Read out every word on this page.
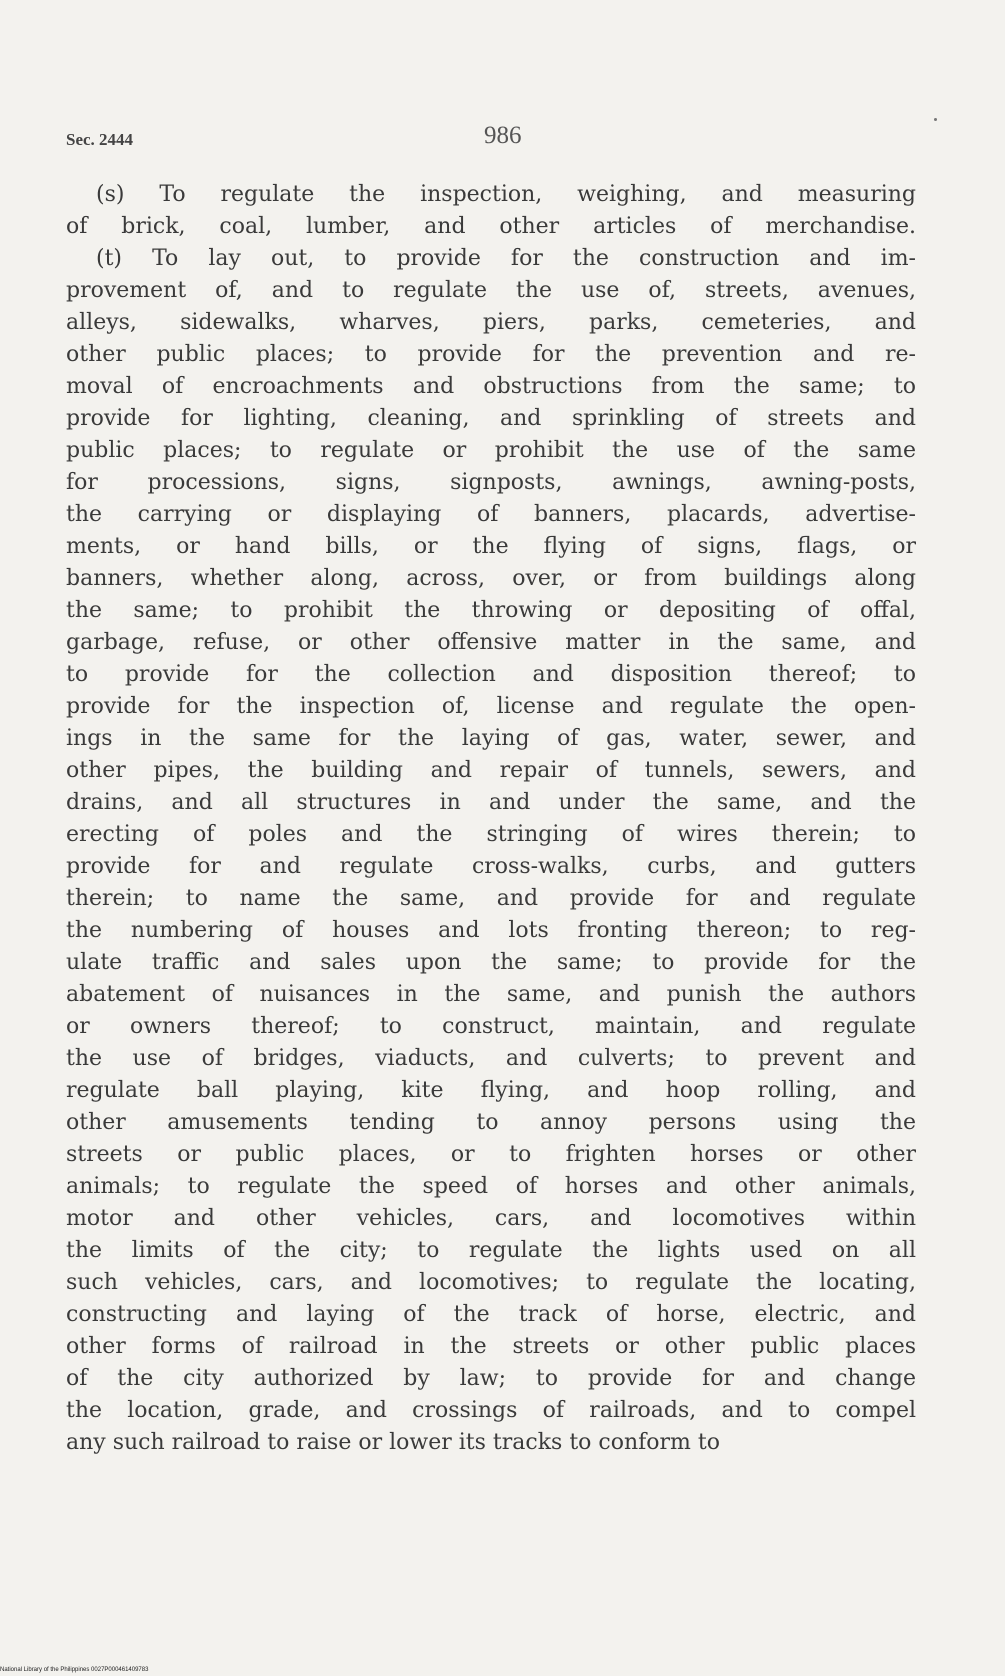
Sec. 2444	986
(s) To regulate the inspection, weighing, and measuring
of brick, coal, lumber, and other articles of merchandise.
(t) To lay out, to provide for the construction and im-
provement of, and to regulate the use of, streets, avenues,
alleys, sidewalks, wharves, piers, parks, cemeteries, and
other public places; to provide for the prevention and re-
moval of encroachments and obstructions from the same; to
provide for lighting, cleaning, and sprinkling of streets and
public places; to regulate or prohibit the use of the same
for processions, signs, signposts, awnings, awning-posts,
the carrying or displaying of banners, placards, advertise-
ments, or hand bills, or the flying of signs, flags, or
banners, whether along, across, over, or from buildings along
the same; to prohibit the throwing or depositing of offal,
garbage, refuse, or other offensive matter in the same, and
to provide for the collection and disposition thereof; to
provide for the inspection of, license and regulate the open-
ings in the same for the laying of gas, water, sewer, and
other pipes, the building and repair of tunnels, sewers, and
drains, and all structures in and under the same, and the
erecting of poles and the stringing of wires therein; to
provide for and regulate cross-walks, curbs, and gutters
therein; to name the same, and provide for and regulate
the numbering of houses and lots fronting thereon; to reg-
ulate traffic and sales upon the same; to provide for the
abatement of nuisances in the same, and punish the authors
or owners thereof; to construct, maintain, and regulate
the use of bridges, viaducts, and culverts; to prevent and
regulate ball playing, kite flying, and hoop rolling, and
other amusements tending to annoy persons using the
streets or public places, or to frighten horses or other
animals; to regulate the speed of horses and other animals,
motor and other vehicles, cars, and locomotives within
the limits of the city; to regulate the lights used on all
such vehicles, cars, and locomotives; to regulate the locating,
constructing and laying of the track of horse, electric, and
other forms of railroad in the streets or other public places
of the city authorized by law; to provide for and change
the location, grade, and crossings of railroads, and to compel
any such railroad to raise or lower its tracks to conform to
National Library of the Philippines 0027P000461409783
